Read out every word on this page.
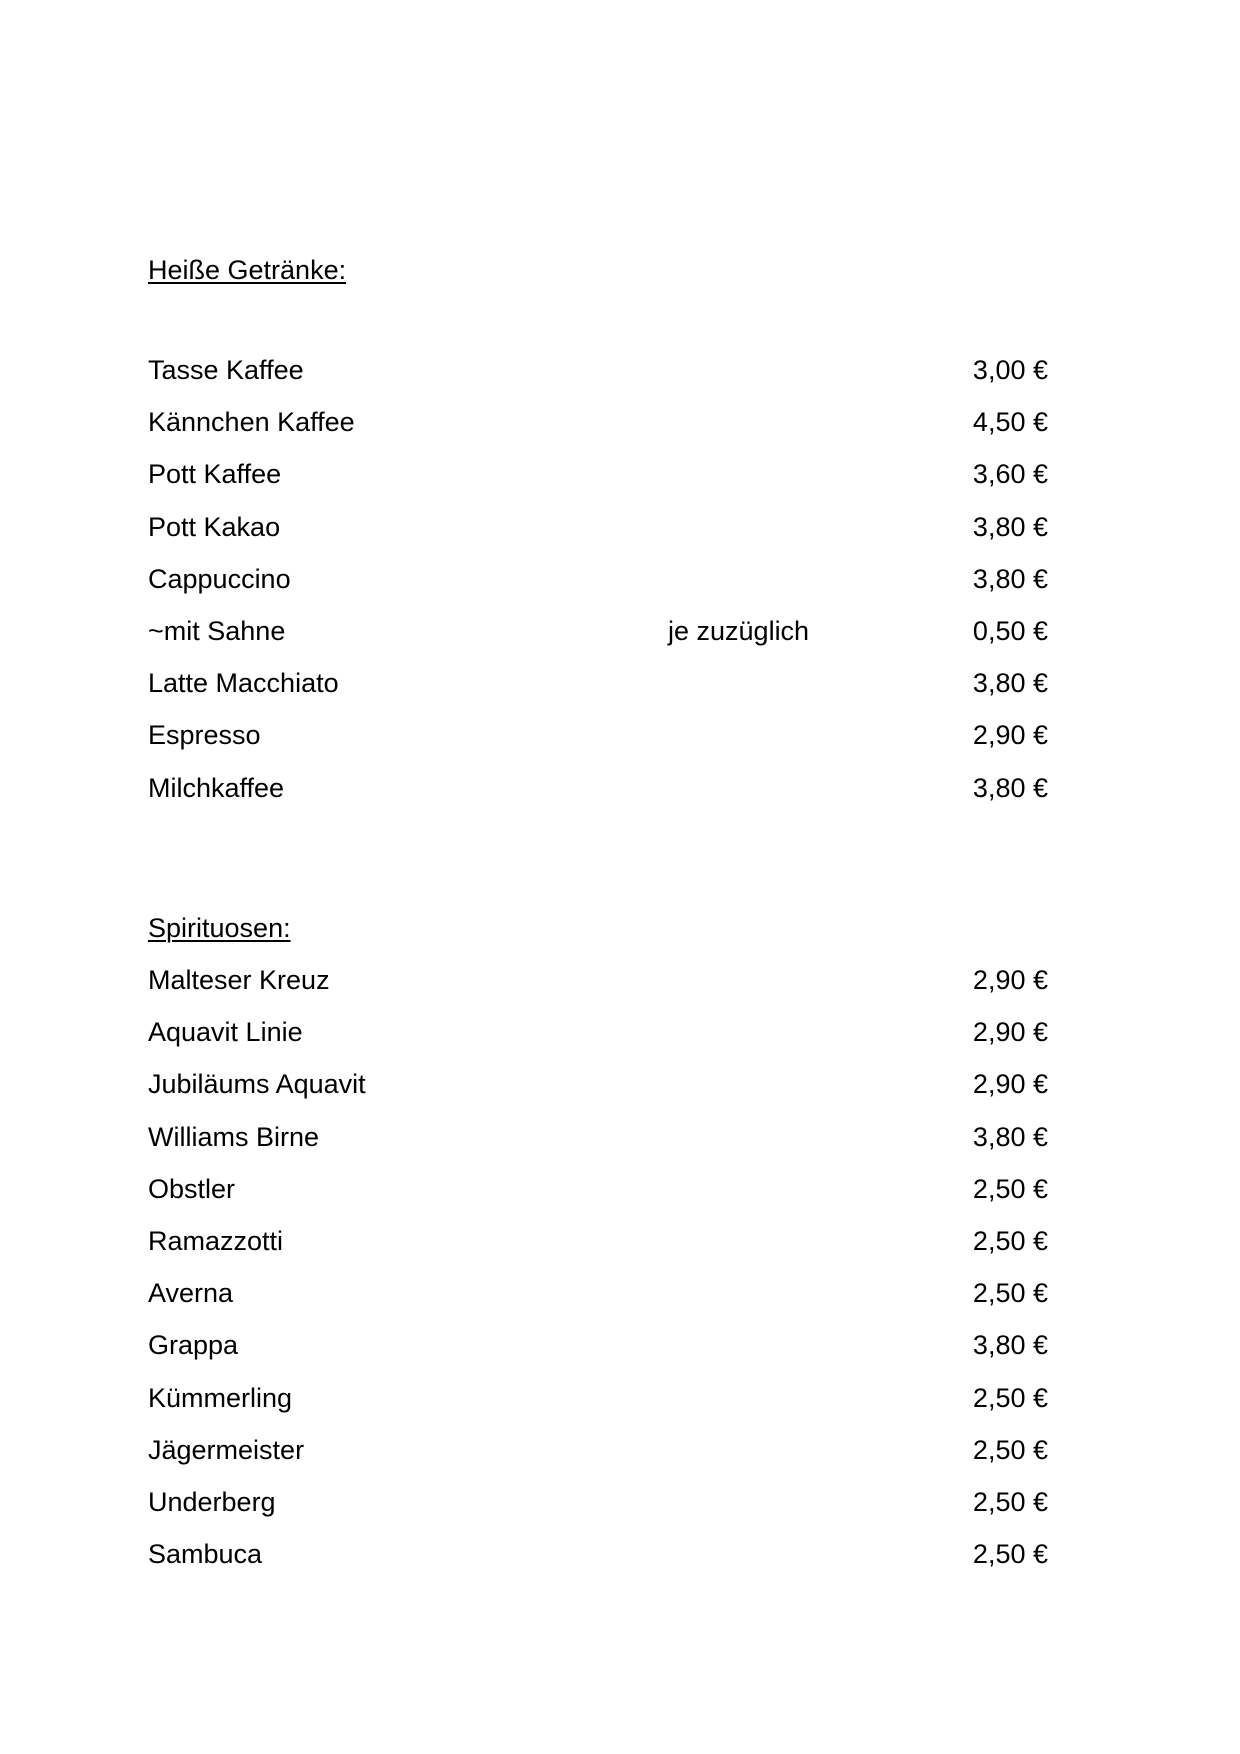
Heiße Getränke:
Tasse Kaffee	3,00 €
Kännchen Kaffee	4,50 €
Pott Kaffee	3,60 €
Pott Kakao	3,80 €
Cappuccino	3,80 €
~mit Sahne	je zuzüglich	0,50 €
Latte Macchiato	3,80 €
Espresso	2,90 €
Milchkaffee	3,80 €
Spirituosen:
Malteser Kreuz	2,90 €
Aquavit Linie	2,90 €
Jubiläums Aquavit	2,90 €
Williams Birne	3,80 €
Obstler	2,50 €
Ramazzotti	2,50 €
Averna	2,50 €
Grappa	3,80 €
Kümmerling	2,50 €
Jägermeister	2,50 €
Underberg	2,50 €
Sambuca	2,50 €
